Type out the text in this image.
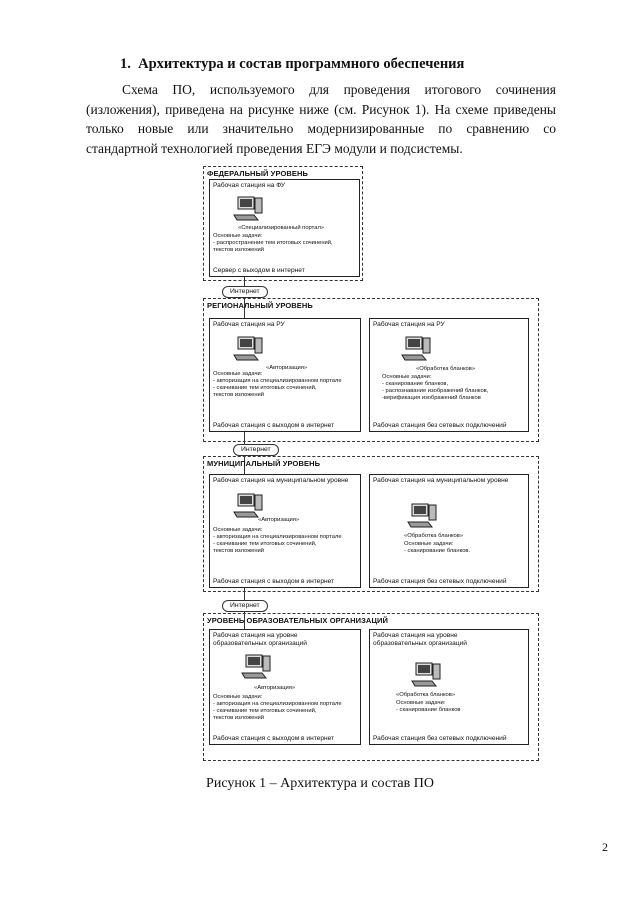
1. Архитектура и состав программного обеспечения

Схема ПО, используемого для проведения итогового сочинения (изложения), приведена на рисунке ниже (см. Рисунок 1). На схеме приведены только новые или значительно модернизированные по сравнению со стандартной технологией проведения ЕГЭ модули и подсистемы.

ФЕДЕРАЛЬНЫЙ УРОВЕНЬ
Рабочая станция на ФУ
«Специализированный портал»
Основные задачи:
- распространение тем итоговых сочинений,
текстов изложений
Сервер с выходом в интернет
Интернет
РЕГИОНАЛЬНЫЙ УРОВЕНЬ
Рабочая станция на РУ
«Авторизация»
Основные задачи:
- авторизация на специализированном портале
- скачивание тем итоговых сочинений,
текстов изложений
Рабочая станция с выходом в интернет
Рабочая станция на РУ
«Обработка бланков»
Основные задачи:
- сканирование бланков,
- распознавание изображений бланков,
-верификация изображений бланков
Рабочая станция без сетевых подключений
Интернет
МУНИЦИПАЛЬНЫЙ УРОВЕНЬ
Рабочая станция на муниципальном уровне
«Авторизация»
Основные задачи:
- авторизация на специализированном портале
- скачивание тем итоговых сочинений,
текстов изложений
Рабочая станция с выходом в интернет
Рабочая станция на муниципальном уровне
«Обработка бланков»
Основные задачи:
- сканирование бланков.
Рабочая станция без сетевых подключений
Интернет
УРОВЕНЬ ОБРАЗОВАТЕЛЬНЫХ ОРГАНИЗАЦИЙ
Рабочая станция на уровне образовательных организаций
«Авторизация»
Основные задачи:
- авторизация на специализированном портале
- скачивание тем итоговых сочинений,
текстов изложений
Рабочая станция с выходом в интернет
Рабочая станция на уровне образовательных организаций
«Обработка бланков»
Основные задачи:
- сканирование бланков
Рабочая станция без сетевых подключений
Рисунок 1 – Архитектура и состав ПО
2
